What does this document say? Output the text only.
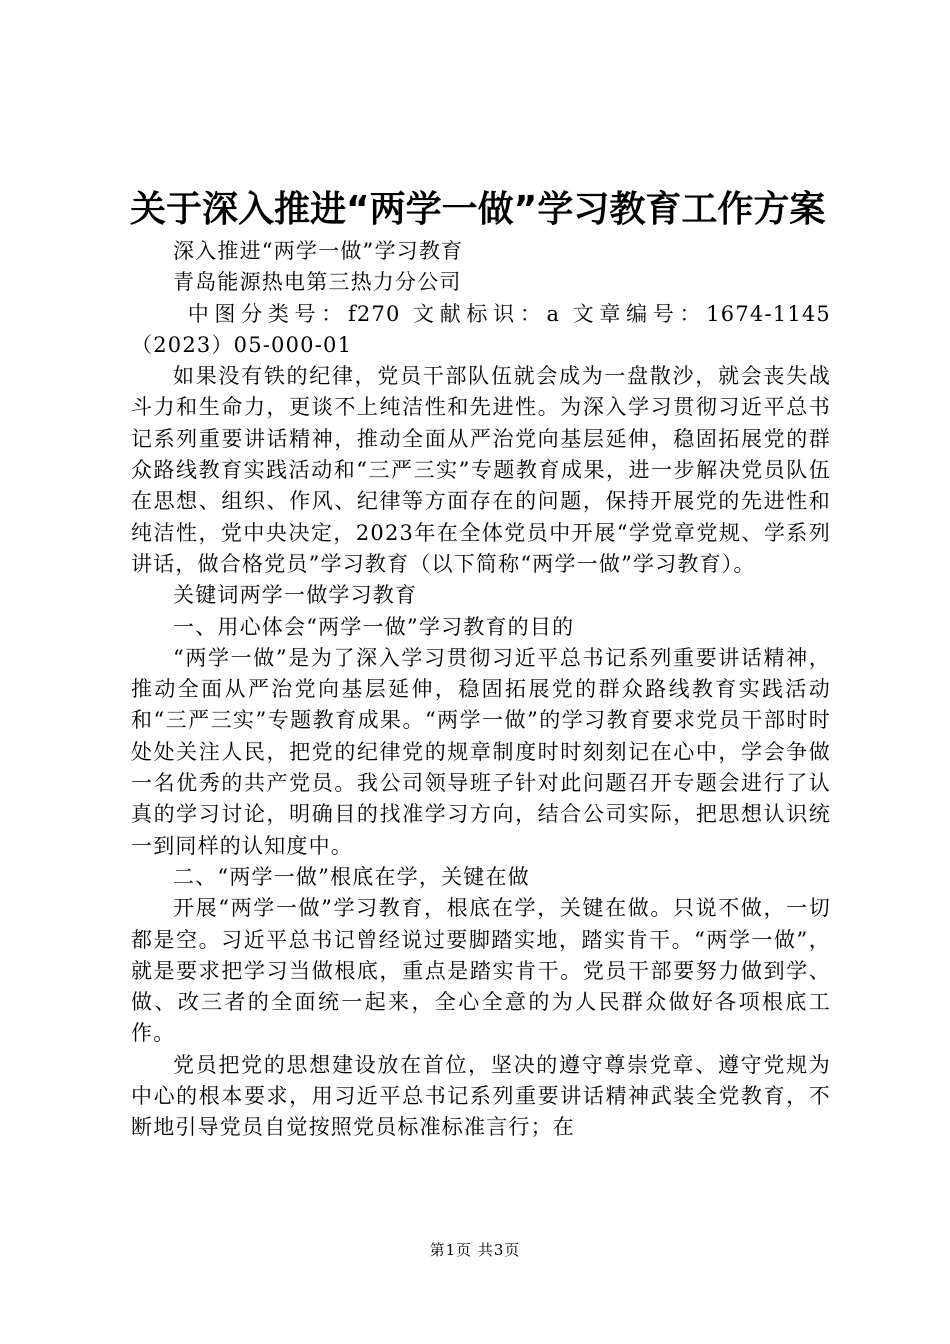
关于深入推进“两学一做”学习教育工作方案

深入推进“两学一做”学习教育

青岛能源热电第三热力分公司

中图分类号：f270 文献标识：a 文章编号：1674-1145（2023）05-000-01

如果没有铁的纪律，党员干部队伍就会成为一盘散沙，就会丧失战斗力和生命力，更谈不上纯洁性和先进性。为深入学习贯彻习近平总书记系列重要讲话精神，推动全面从严治党向基层延伸，稳固拓展党的群众路线教育实践活动和“三严三实”专题教育成果，进一步解决党员队伍在思想、组织、作风、纪律等方面存在的问题，保持开展党的先进性和纯洁性，党中央决定，2023年在全体党员中开展“学党章党规、学系列讲话，做合格党员”学习教育（以下简称“两学一做”学习教育）。

关键词两学一做学习教育

一、用心体会“两学一做”学习教育的目的

“两学一做”是为了深入学习贯彻习近平总书记系列重要讲话精神，推动全面从严治党向基层延伸，稳固拓展党的群众路线教育实践活动和“三严三实”专题教育成果。“两学一做”的学习教育要求党员干部时时处处关注人民，把党的纪律党的规章制度时时刻刻记在心中，学会争做一名优秀的共产党员。我公司领导班子针对此问题召开专题会进行了认真的学习讨论，明确目的找准学习方向，结合公司实际，把思想认识统一到同样的认知度中。

二、“两学一做”根底在学，关键在做

开展“两学一做”学习教育，根底在学，关键在做。只说不做，一切都是空。习近平总书记曾经说过要脚踏实地，踏实肯干。“两学一做”，就是要求把学习当做根底，重点是踏实肯干。党员干部要努力做到学、做、改三者的全面统一起来，全心全意的为人民群众做好各项根底工作。

党员把党的思想建设放在首位，坚决的遵守尊崇党章、遵守党规为中心的根本要求，用习近平总书记系列重要讲话精神武装全党教育，不断地引导党员自觉按照党员标准标准言行；在

第1页 共3页
